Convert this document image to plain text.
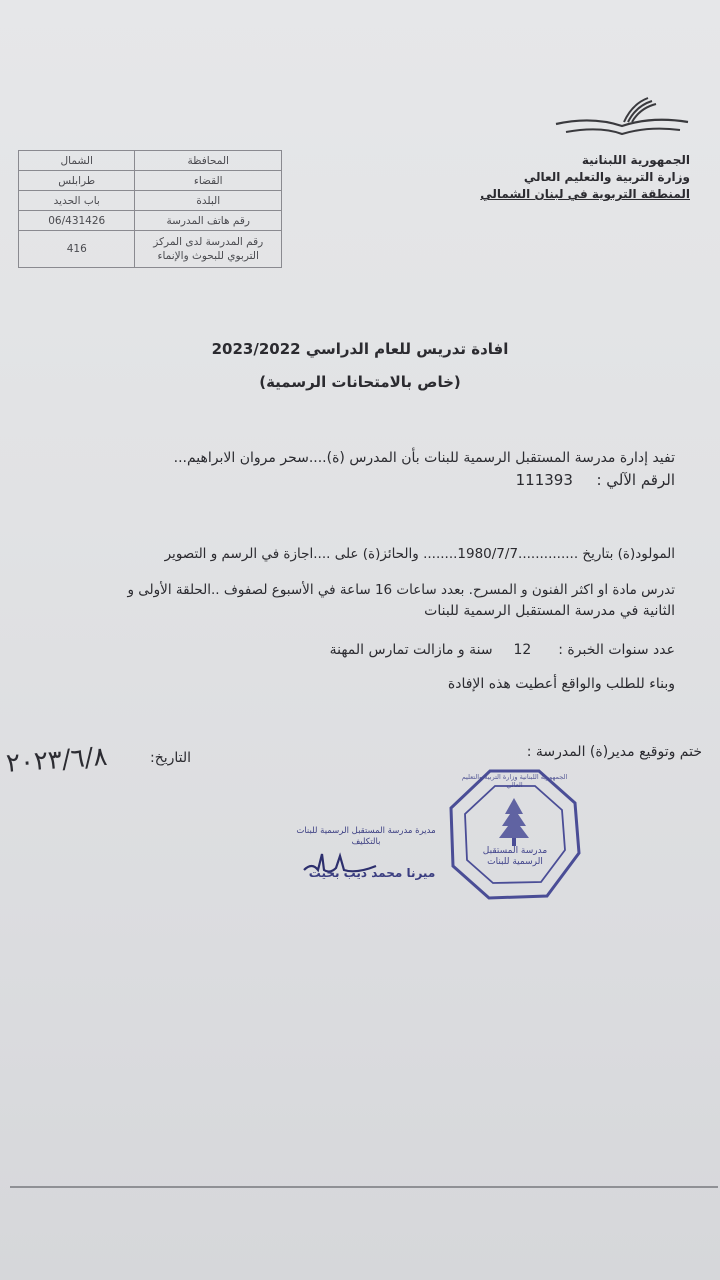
الجمهورية اللبنانية
وزارة التربية والتعليم العالي
المنطقة التربوية في لبنان الشمالي
المحافظة	الشمال
القضاء	طرابلس
البلدة	باب الحديد
رقم هاتف المدرسة	06/431426
رقم المدرسة لدى المركز التربوي للبحوث والإنماء	416
افادة تدريس للعام الدراسي 2023/2022
(خاص بالامتحانات الرسمية)
تفيد إدارة مدرسة المستقبل الرسمية للبنات بأن المدرس (ة)....سحر مروان الابراهيم...
الرقم الآلي :  111393
المولود(ة) بتاريخ ..............1980/7/7........ والحائز(ة) على ....اجازة في الرسم و التصوير
تدرس مادة او اكثر الفنون و المسرح. بعدد ساعات 16 ساعة في الأسبوع لصفوف ..الحلقة الأولى و
الثانية في مدرسة المستقبل الرسمية للبنات
عدد سنوات الخبرة :  12  سنة و مازالت تمارس المهنة
وبناء للطلب والواقع أعطيت هذه الإفادة
ختم وتوقيع مدير(ة) المدرسة :
التاريخ:
٢٠٢٣/٦/٨
مدرسة المستقبل
الرسمية للبنات
الجمهورية اللبنانية وزارة التربية والتعليم العالي
مديرة مدرسة المستقبل الرسمية للبنات
بالتكليف
ميرنا محمد ديب بخيت
